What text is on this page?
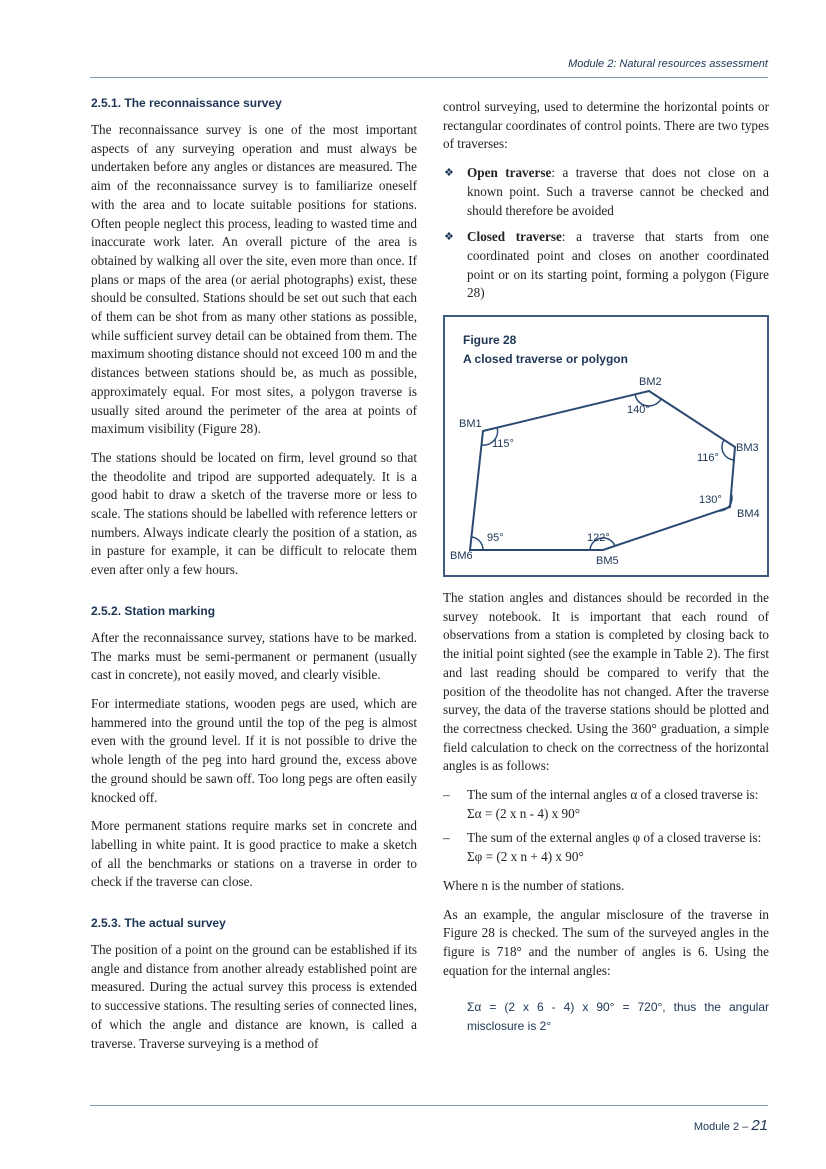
Module 2: Natural resources assessment
2.5.1. The reconnaissance survey

The reconnaissance survey is one of the most important aspects of any surveying operation and must always be undertaken before any angles or distances are measured. The aim of the reconnaissance survey is to familiarize oneself with the area and to locate suitable positions for stations. Often people neglect this process, leading to wasted time and inaccurate work later. An overall picture of the area is obtained by walking all over the site, even more than once. If plans or maps of the area (or aerial photographs) exist, these should be consulted. Stations should be set out such that each of them can be shot from as many other stations as possible, while sufficient survey detail can be obtained from them. The maximum shooting distance should not exceed 100 m and the distances between stations should be, as much as possible, approximately equal. For most sites, a polygon traverse is usually sited around the perimeter of the area at points of maximum visibility (Figure 28).

The stations should be located on firm, level ground so that the theodolite and tripod are supported adequately. It is a good habit to draw a sketch of the traverse more or less to scale. The stations should be labelled with reference letters or numbers. Always indicate clearly the position of a station, as in pasture for example, it can be difficult to relocate them even after only a few hours.

2.5.2. Station marking

After the reconnaissance survey, stations have to be marked. The marks must be semi-permanent or permanent (usually cast in concrete), not easily moved, and clearly visible.

For intermediate stations, wooden pegs are used, which are hammered into the ground until the top of the peg is almost even with the ground level. If it is not possible to drive the whole length of the peg into hard ground the, excess above the ground should be sawn off. Too long pegs are often easily knocked off.

More permanent stations require marks set in concrete and labelling in white paint. It is good practice to make a sketch of all the benchmarks or stations on a traverse in order to check if the traverse can close.

2.5.3. The actual survey

The position of a point on the ground can be established if its angle and distance from another already established point are measured. During the actual survey this process is extended to successive stations. The resulting series of connected lines, of which the angle and distance are known, is called a traverse. Traverse surveying is a method of

control surveying, used to determine the horizontal points or rectangular coordinates of control points. There are two types of traverses:

❖ Open traverse: a traverse that does not close on a known point. Such a traverse cannot be checked and should therefore be avoided
❖ Closed traverse: a traverse that starts from one coordinated point and closes on another coordinated point or on its starting point, forming a polygon (Figure 28)
Figure 28
A closed traverse or polygon
BM1
BM2
BM3
BM4
BM5
BM6
115°
140°
116°
130°
122°
95°

The station angles and distances should be recorded in the survey notebook. It is important that each round of observations from a station is completed by closing back to the initial point sighted (see the example in Table 2). The first and last reading should be compared to verify that the position of the theodolite has not changed. After the traverse survey, the data of the traverse stations should be plotted and the correctness checked. Using the 360° graduation, a simple field calculation to check on the correctness of the horizontal angles is as follows:

– The sum of the internal angles α of a closed traverse is:
Σα = (2 x n - 4) x 90°
– The sum of the external angles φ of a closed traverse is:
Σφ = (2 x n + 4) x 90°

Where n is the number of stations.

As an example, the angular misclosure of the traverse in Figure 28 is checked. The sum of the surveyed angles in the figure is 718° and the number of angles is 6. Using the equation for the internal angles:

Σα = (2 x 6 - 4) x 90° = 720°, thus the angular misclosure is 2°
Module 2 – 21
